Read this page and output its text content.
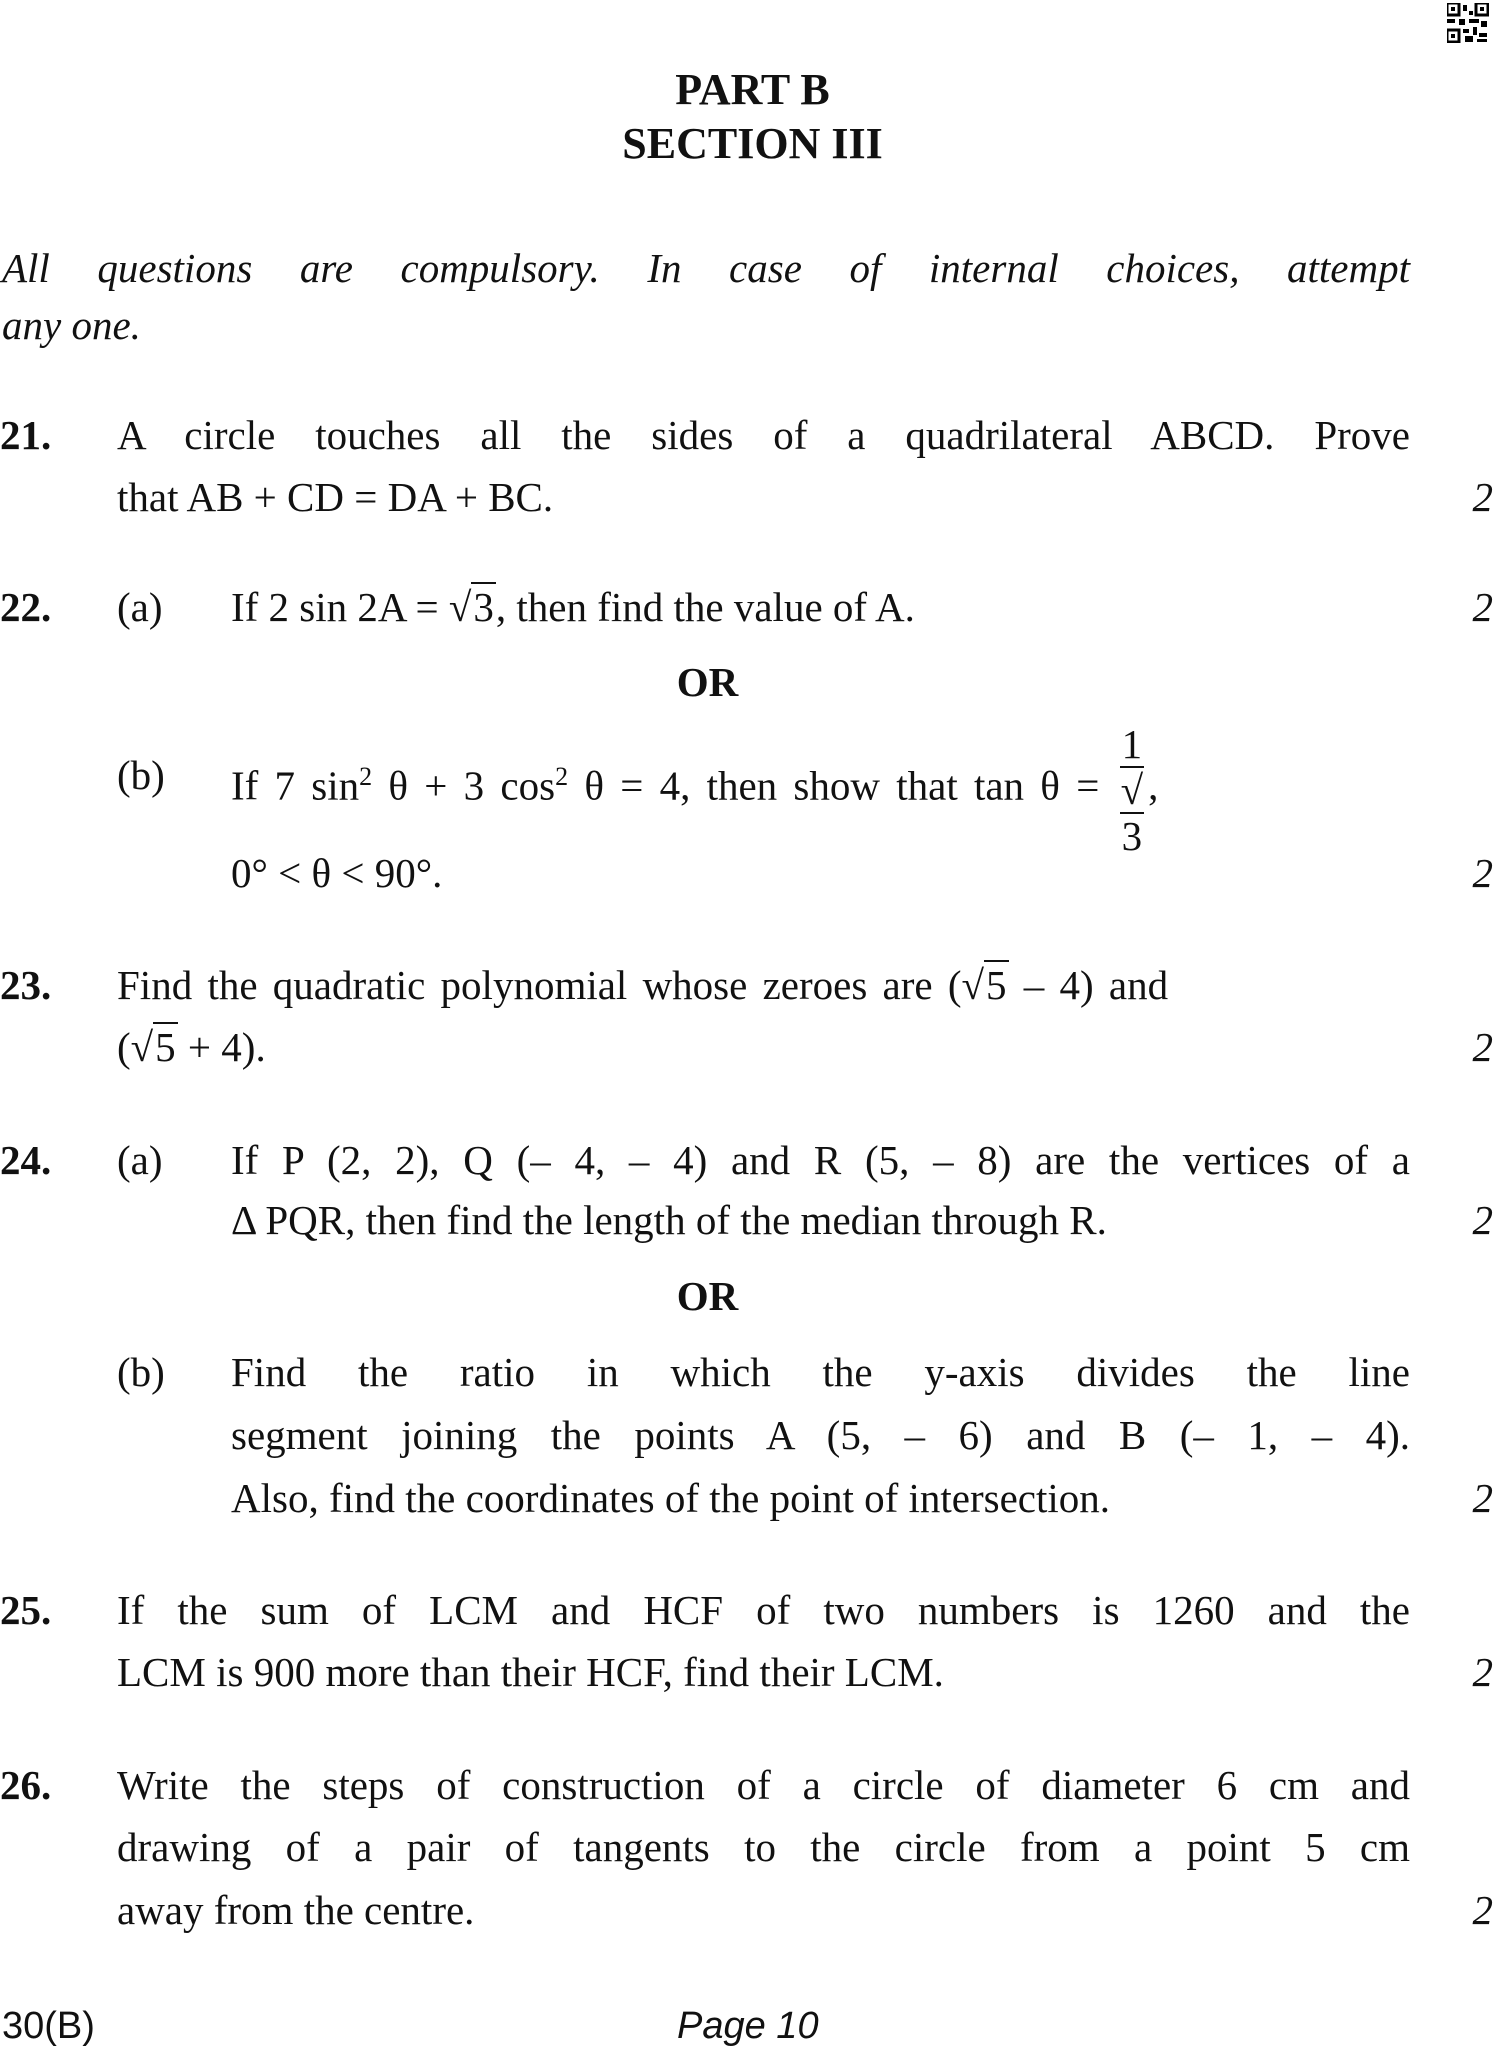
PART B
SECTION III
All questions are compulsory. In case of internal choices, attempt
any one.
21. A circle touches all the sides of a quadrilateral ABCD. Prove
that AB + CD = DA + BC.	2
22. (a) If 2 sin 2A = √3, then find the value of A.	2
OR
(b) If 7 $\sin^2 \theta + 3$ $\cos^2 \theta = 4$, then show that tan θ = 1
√
3 ,
0° < θ < 90°.	2
23. Find the quadratic polynomial whose zeroes are (√5 – 4) and
(√5 + 4).	2
24. (a) If P (2, 2), Q (– 4, – 4) and R (5, – 8) are the vertices of a
Δ PQR, then find the length of the median through R.	2
OR
(b) Find the ratio in which the y-axis divides the line
segment joining the points A (5, – 6) and B (– 1, – 4).
Also, find the coordinates of the point of intersection.	2
25. If the sum of LCM and HCF of two numbers is 1260 and the
LCM is 900 more than their HCF, find their LCM.	2
26. Write the steps of construction of a circle of diameter 6 cm and
drawing of a pair of tangents to the circle from a point 5 cm
away from the centre.	2
30(B)	Page 10
